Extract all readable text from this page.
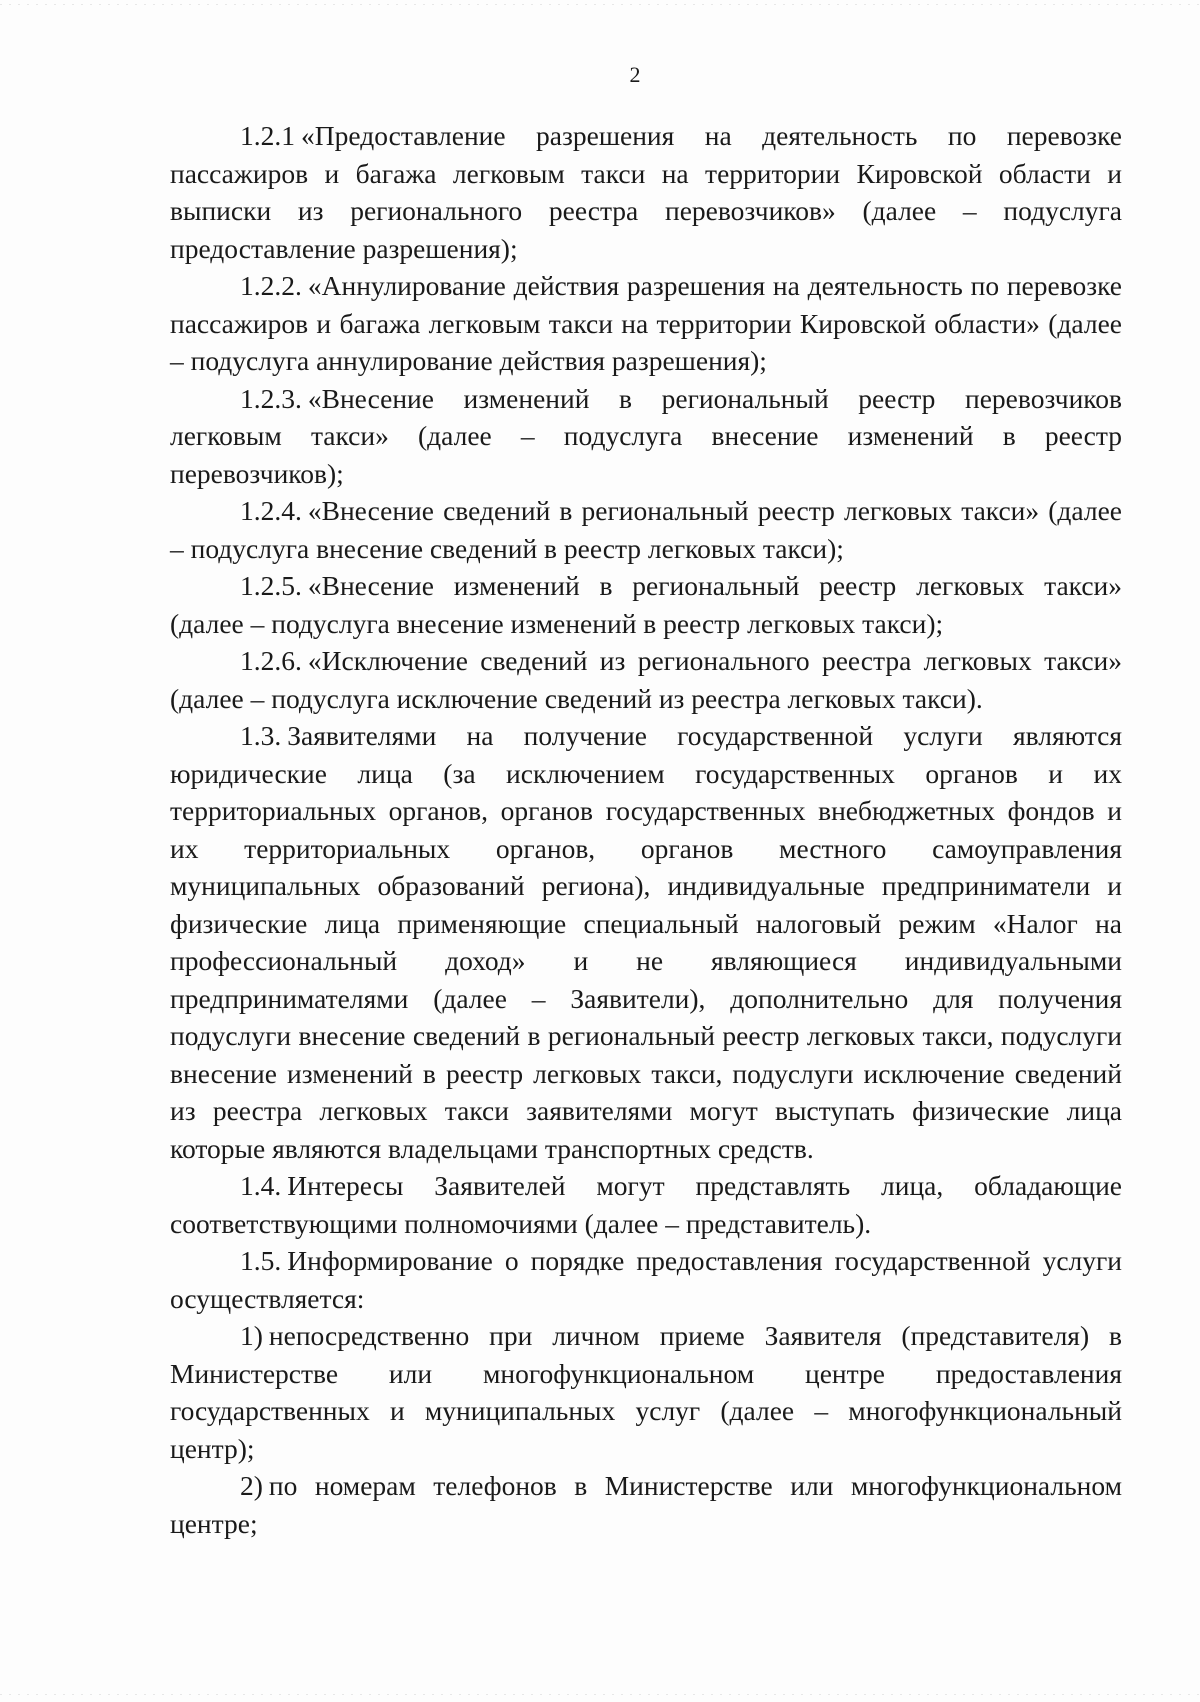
2

1.2.1 «Предоставление разрешения на деятельность по перевозке пассажиров и багажа легковым такси на территории Кировской области и выписки из регионального реестра перевозчиков» (далее – подуслуга предоставление разрешения);

1.2.2. «Аннулирование действия разрешения на деятельность по перевозке пассажиров и багажа легковым такси на территории Кировской области» (далее – подуслуга аннулирование действия разрешения);

1.2.3. «Внесение изменений в региональный реестр перевозчиков легковым такси» (далее – подуслуга внесение изменений в реестр перевозчиков);

1.2.4. «Внесение сведений в региональный реестр легковых такси» (далее – подуслуга внесение сведений в реестр легковых такси);

1.2.5. «Внесение изменений в региональный реестр легковых такси» (далее – подуслуга внесение изменений в реестр легковых такси);

1.2.6. «Исключение сведений из регионального реестра легковых такси» (далее – подуслуга исключение сведений из реестра легковых такси).

1.3. Заявителями на получение государственной услуги являются юридические лица (за исключением государственных органов и их территориальных органов, органов государственных внебюджетных фондов и их территориальных органов, органов местного самоуправления муниципальных образований региона), индивидуальные предприниматели и физические лица применяющие специальный налоговый режим «Налог на профессиональный доход» и не являющиеся индивидуальными предпринимателями (далее – Заявители), дополнительно для получения подуслуги внесение сведений в региональный реестр легковых такси, подуслуги внесение изменений в реестр легковых такси, подуслуги исключение сведений из реестра легковых такси заявителями могут выступать физические лица которые являются владельцами транспортных средств.

1.4. Интересы Заявителей могут представлять лица, обладающие соответствующими полномочиями (далее – представитель).

1.5. Информирование о порядке предоставления государственной услуги осуществляется:

1) непосредственно при личном приеме Заявителя (представителя) в Министерстве или многофункциональном центре предоставления государственных и муниципальных услуг (далее – многофункциональный центр);

2) по номерам телефонов в Министерстве или многофункциональном центре;
